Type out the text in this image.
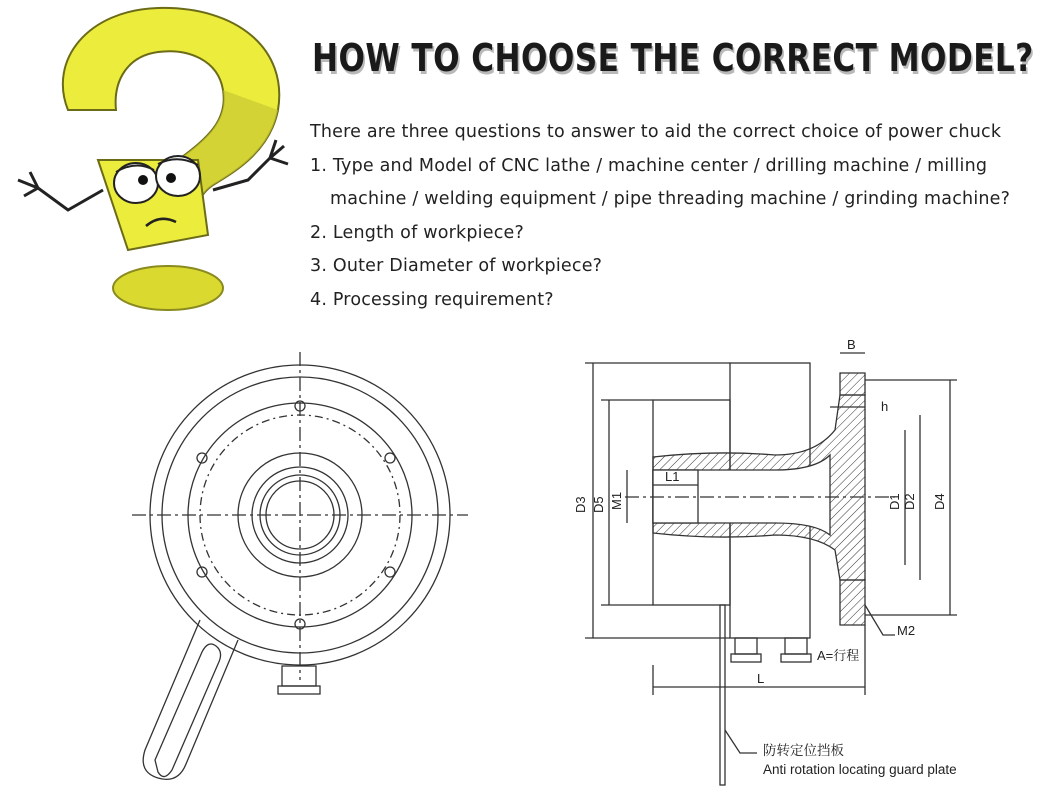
HOW TO CHOOSE THE CORRECT MODEL?
There are three questions to answer to aid the correct choice of power chuck
1. Type and Model of CNC lathe / machine center / drilling machine / milling
machine / welding equipment / pipe threading machine / grinding machine?
2. Length of workpiece?
3. Outer Diameter of workpiece?
4. Processing requirement?
B
h
L1
L
A=行程
M2
D3 D5 M1	D1 D2 D4
防转定位挡板
Anti rotation locating guard plate
